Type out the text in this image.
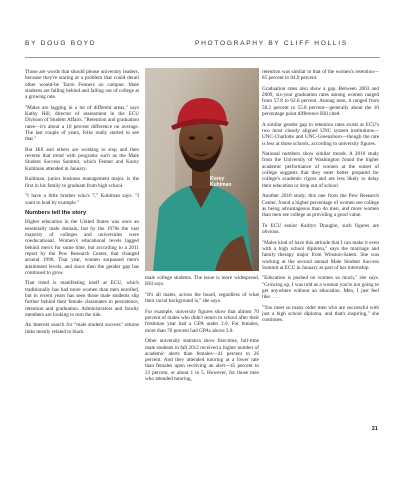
BY DOUG BOYD	PHOTOGRAPHY BY CLIFF HOLLIS

Those are words that should please university leaders, because they're staring at a problem that could derail other would-be Taron Fenners on campus: Male students are falling behind and falling out of college at a growing rate.

"Males are lagging in a lot of different areas," says Kathy Hill, director of assessment in the ECU Division of Student Affairs. "Retention and graduation rates—it's about a 10 percent difference on average. The last couple of years, folks really started to see that."

But Hill and others are working to stop and then reverse that trend with programs such as the Male Student Success Summit, which Fenner and Korey Kuhlman attended in January.

Kuhlman, junior business management major, is the first in his family to graduate from high school.

"I have a little brother who's 7," Kuhlman says. "I want to lead by example."

Numbers tell the story

Higher education in the United States was once an essentially male domain, but by the 1970s the vast majority of colleges and universities were coeducational. Women's educational levels lagged behind men's for some time, but according to a 2011 report by the Pew Research Center, that changed around 1990. That year, women surpassed men's attainment levels, and since then the gender gap has continued to grow.

That trend is manifesting itself at ECU, which traditionally has had more women than men enrolled, but in recent years has seen those male students slip further behind their female classmates in persistence, retention and graduation. Administrators and faculty members are looking to turn the tide.

An Internet search for "male student success" returns links mostly related to black

Korey
Kuhlman

male college students. The issue is more widespread, Hill says.

"It's all males, across the board, regardless of what their racial background is," she says.

For example, university figures show that almost 70 percent of males who didn't return to school after their freshman year had a GPA under 2.0. For females, more than 70 percent had GPAs above 3.0.

Other university statistics show first-time, full-time male students in fall 2012 received a higher number of academic alerts than females—41 percent to 26 percent. And they attended tutoring at a lower rate than females upon receiving an alert—45 percent to 21 percent, or about 1 in 5. However, for those men who attended tutoring,

retention was similar to that of the women's retention—85 percent to 84.9 percent.

Graduation rates also show a gap. Between 2003 and 2009, six-year graduation rates among women ranged from 57.8 to 62.6 percent. Among men, it ranged from 50.2 percent to 55.8 percent—generally about the 10 percentage point difference Hill cited.

A similar gender gap in retention rates exists at ECU's two most closely aligned UNC system institutions—UNC-Charlotte and UNC-Greensboro—though the rate is less at those schools, according to university figures.

National numbers show similar trends. A 2010 study from the University of Washington found the higher academic performance of women at the outset of college suggests that they enter better prepared for college's academic rigors and are less likely to delay their education or drop out of school.

Another 2010 study, this one from the Pew Research Center, found a higher percentage of women see college as being advantageous than do men, and more women than men see college as providing a good value.

To ECU senior Kaitlyn Draughn, such figures are obvious.

"Males kind of have this attitude that I can make it even with a high school diploma," says the marriage and family therapy major from Winston-Salem. She was working at the second annual Male Student Success Summit at ECU in January as part of her internship.

"Education is pushed on women so much," she says. "Growing up, I was told as a woman you're not going to get anywhere without an education. Men, I just feel like. . . .

"You meet so many older men who are successful with just a high school diploma, and that's inspiring," she continues.

21
